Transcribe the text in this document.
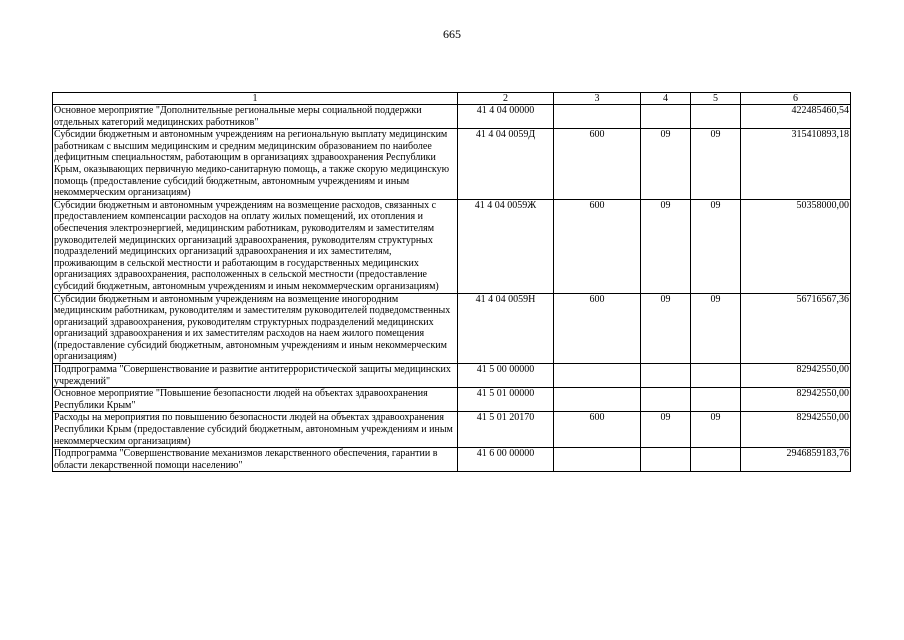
665
1	2	3	4	5	6
Основное мероприятие "Дополнительные региональные меры социальной поддержки отдельных категорий медицинских работников"	41 4 04 00000				422485460,54
Субсидии бюджетным и автономным учреждениям на региональную выплату медицинским работникам с высшим медицинским и средним медицинским образованием по наиболее дефицитным специальностям, работающим в организациях здравоохранения Республики Крым, оказывающих первичную медико-санитарную помощь, а также скорую медицинскую помощь (предоставление субсидий бюджетным, автономным учреждениям и иным некоммерческим организациям)	41 4 04 0059Д	600	09	09	315410893,18
Субсидии бюджетным и автономным учреждениям на возмещение расходов, связанных с предоставлением компенсации расходов на оплату жилых помещений, их отопления и обеспечения электроэнергией, медицинским работникам, руководителям и заместителям руководителей медицинских организаций здравоохранения, руководителям структурных подразделений медицинских организаций здравоохранения и их заместителям, проживающим в сельской местности и работающим в государственных медицинских организациях здравоохранения, расположенных в сельской местности (предоставление субсидий бюджетным, автономным учреждениям и иным некоммерческим организациям)	41 4 04 0059Ж	600	09	09	50358000,00
Субсидии бюджетным и автономным учреждениям на возмещение иногородним медицинским работникам, руководителям и заместителям руководителей подведомственных организаций здравоохранения, руководителям структурных подразделений медицинских организаций здравоохранения и их заместителям расходов на наем жилого помещения (предоставление субсидий бюджетным, автономным учреждениям и иным некоммерческим организациям)	41 4 04 0059Н	600	09	09	56716567,36
Подпрограмма "Совершенствование и развитие антитеррористической защиты медицинских учреждений"	41 5 00 00000				82942550,00
Основное мероприятие "Повышение безопасности людей на объектах здравоохранения Республики Крым"	41 5 01 00000				82942550,00
Расходы на мероприятия по повышению безопасности людей на объектах здравоохранения Республики Крым (предоставление субсидий бюджетным, автономным учреждениям и иным некоммерческим организациям)	41 5 01 20170	600	09	09	82942550,00
Подпрограмма "Совершенствование механизмов лекарственного обеспечения, гарантии в области лекарственной помощи населению"	41 6 00 00000				2946859183,76
